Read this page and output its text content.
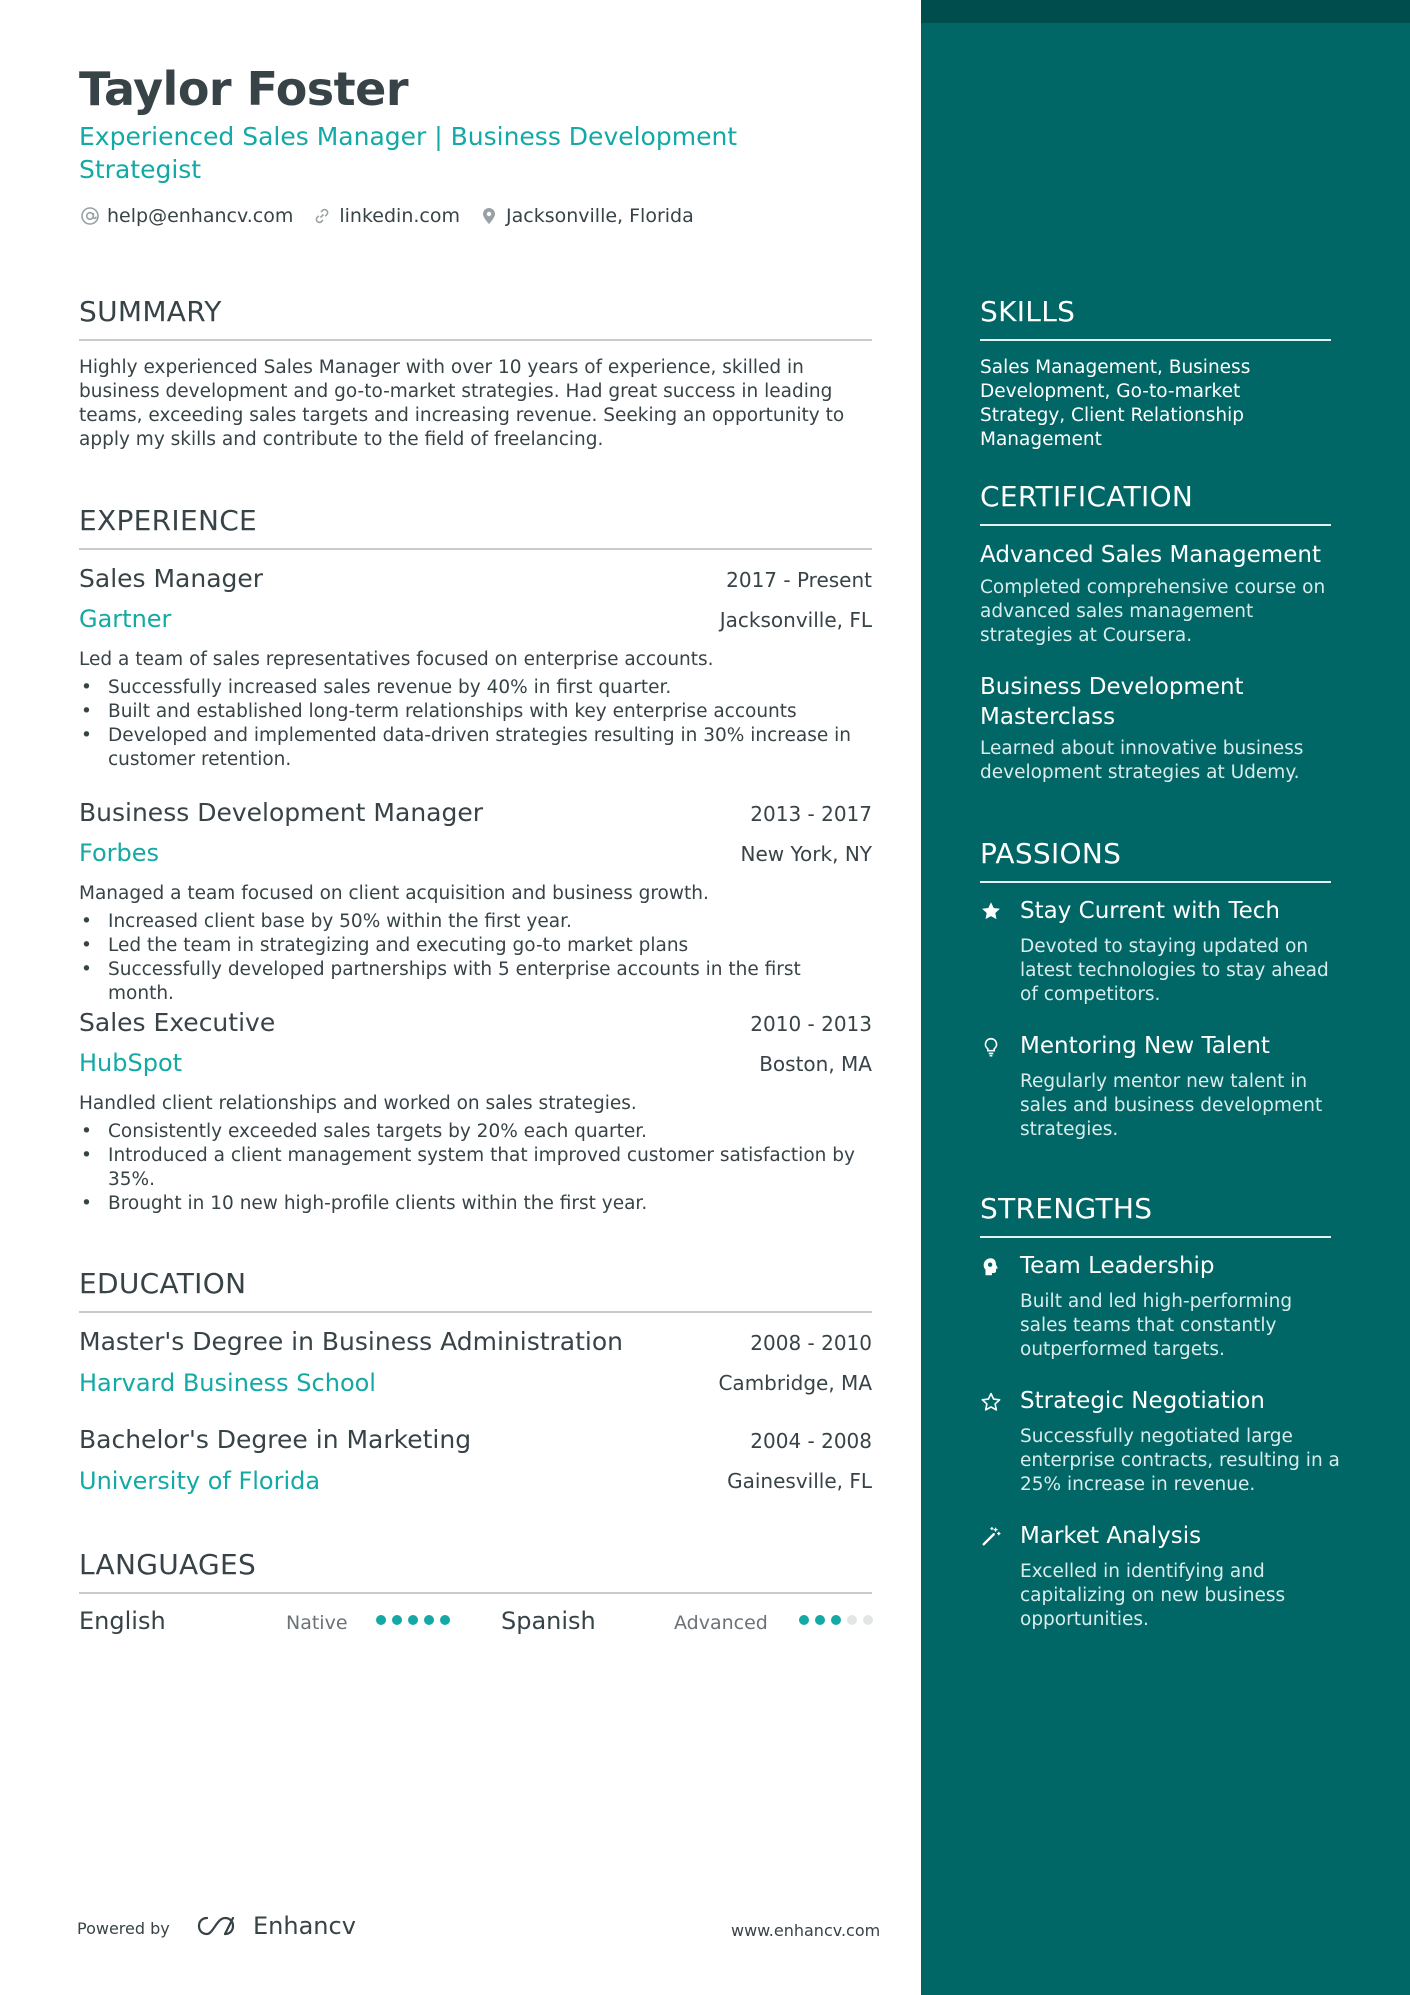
Taylor Foster
Experienced Sales Manager | Business Development Strategist
help@enhancv.com linkedin.com Jacksonville, Florida
SUMMARY
Highly experienced Sales Manager with over 10 years of experience, skilled in business development and go-to-market strategies. Had great success in leading teams, exceeding sales targets and increasing revenue. Seeking an opportunity to apply my skills and contribute to the field of freelancing.
EXPERIENCE
Sales Manager	2017 - Present
Gartner	Jacksonville, FL
Led a team of sales representatives focused on enterprise accounts.
• Successfully increased sales revenue by 40% in first quarter.
• Built and established long-term relationships with key enterprise accounts
• Developed and implemented data-driven strategies resulting in 30% increase in customer retention.
Business Development Manager	2013 - 2017
Forbes	New York, NY
Managed a team focused on client acquisition and business growth.
• Increased client base by 50% within the first year.
• Led the team in strategizing and executing go-to market plans
• Successfully developed partnerships with 5 enterprise accounts in the first month.
Sales Executive	2010 - 2013
HubSpot	Boston, MA
Handled client relationships and worked on sales strategies.
• Consistently exceeded sales targets by 20% each quarter.
• Introduced a client management system that improved customer satisfaction by 35%.
• Brought in 10 new high-profile clients within the first year.
EDUCATION
Master's Degree in Business Administration	2008 - 2010
Harvard Business School	Cambridge, MA
Bachelor's Degree in Marketing	2004 - 2008
University of Florida	Gainesville, FL
LANGUAGES
English	Native	Spanish	Advanced
Powered by	Enhancv	www.enhancv.com
SKILLS
Sales Management, Business Development, Go-to-market Strategy, Client Relationship Management
CERTIFICATION
Advanced Sales Management
Completed comprehensive course on advanced sales management strategies at Coursera.
Business Development Masterclass
Learned about innovative business development strategies at Udemy.
PASSIONS
Stay Current with Tech
Devoted to staying updated on latest technologies to stay ahead of competitors.
Mentoring New Talent
Regularly mentor new talent in sales and business development strategies.
STRENGTHS
Team Leadership
Built and led high-performing sales teams that constantly outperformed targets.
Strategic Negotiation
Successfully negotiated large enterprise contracts, resulting in a 25% increase in revenue.
Market Analysis
Excelled in identifying and capitalizing on new business opportunities.
